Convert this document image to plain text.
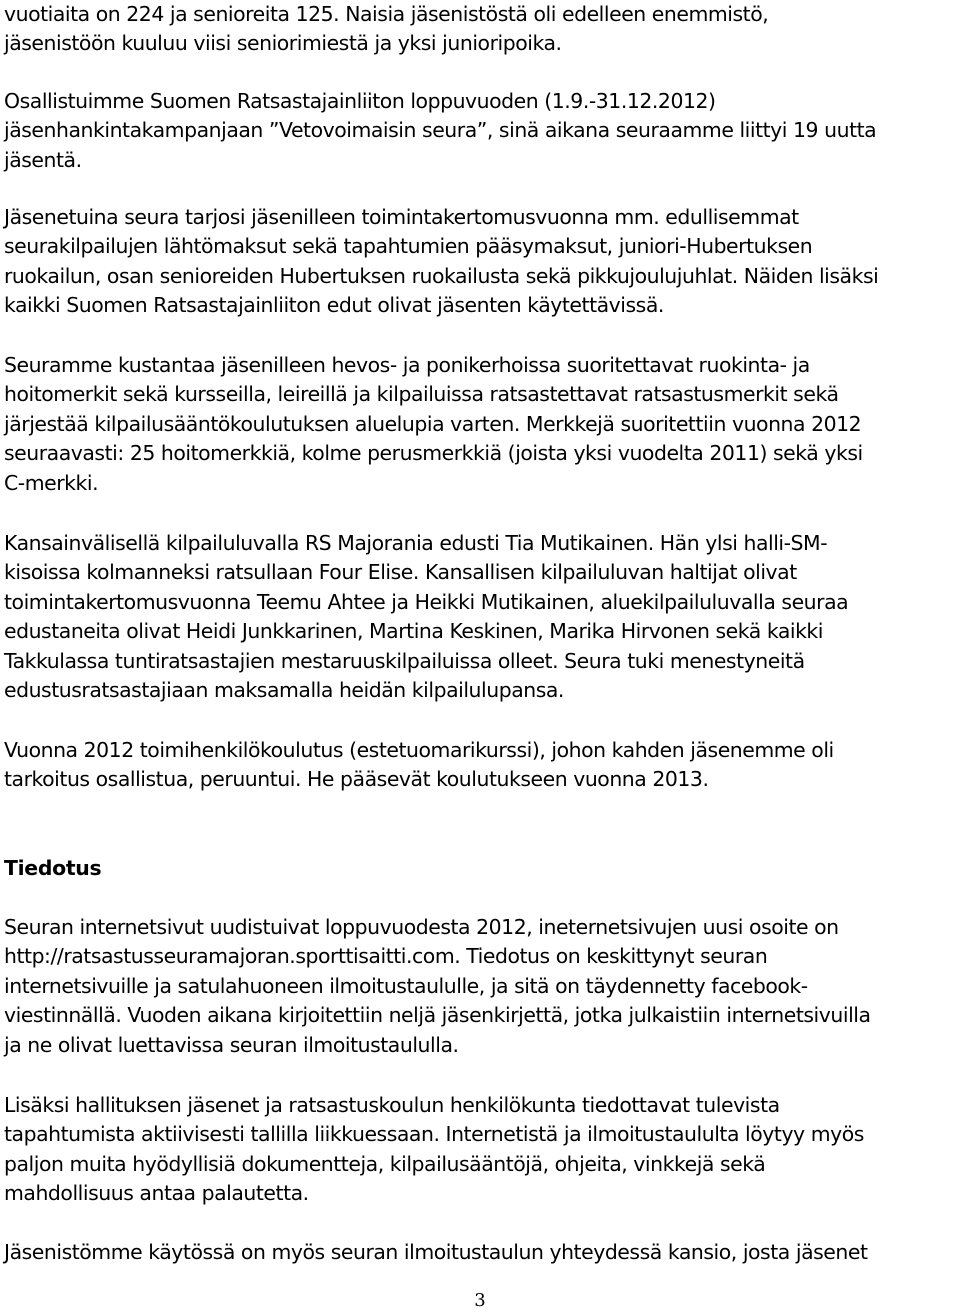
vuotiaita on 224 ja senioreita 125. Naisia jäsenistöstä oli edelleen enemmistö,
jäsenistöön kuuluu viisi seniorimiestä ja yksi junioripoika.

Osallistuimme Suomen Ratsastajainliiton loppuvuoden (1.9.-31.12.2012)
jäsenhankintakampanjaan ”Vetovoimaisin seura”, sinä aikana seuraamme liittyi 19 uutta
jäsentä.

Jäsenetuina seura tarjosi jäsenilleen toimintakertomusvuonna mm. edullisemmat
seurakilpailujen lähtömaksut sekä tapahtumien pääsymaksut, juniori-Hubertuksen
ruokailun, osan senioreiden Hubertuksen ruokailusta sekä pikkujoulujuhlat. Näiden lisäksi
kaikki Suomen Ratsastajainliiton edut olivat jäsenten käytettävissä.

Seuramme kustantaa jäsenilleen hevos- ja ponikerhoissa suoritettavat ruokinta- ja
hoitomerkit sekä kursseilla, leireillä ja kilpailuissa ratsastettavat ratsastusmerkit sekä
järjestää kilpailusääntökoulutuksen aluelupia varten. Merkkejä suoritettiin vuonna 2012
seuraavasti: 25 hoitomerkkiä, kolme perusmerkkiä (joista yksi vuodelta 2011) sekä yksi
C-merkki.

Kansainvälisellä kilpailuluvalla RS Majorania edusti Tia Mutikainen. Hän ylsi halli-SM-
kisoissa kolmanneksi ratsullaan Four Elise. Kansallisen kilpailuluvan haltijat olivat
toimintakertomusvuonna Teemu Ahtee ja Heikki Mutikainen, aluekilpailuluvalla seuraa
edustaneita olivat Heidi Junkkarinen, Martina Keskinen, Marika Hirvonen sekä kaikki
Takkulassa tuntiratsastajien mestaruuskilpailuissa olleet. Seura tuki menestyneitä
edustusratsastajiaan maksamalla heidän kilpailulupansa.

Vuonna 2012 toimihenkilökoulutus (estetuomarikurssi), johon kahden jäsenemme oli
tarkoitus osallistua, peruuntui. He pääsevät koulutukseen vuonna 2013.

Tiedotus

Seuran internetsivut uudistuivat loppuvuodesta 2012, ineternetsivujen uusi osoite on
http://ratsastusseuramajoran.sporttisaitti.com. Tiedotus on keskittynyt seuran
internetsivuille ja satulahuoneen ilmoitustaululle, ja sitä on täydennetty facebook-
viestinnällä. Vuoden aikana kirjoitettiin neljä jäsenkirjettä, jotka julkaistiin internetsivuilla
ja ne olivat luettavissa seuran ilmoitustaululla.

Lisäksi hallituksen jäsenet ja ratsastuskoulun henkilökunta tiedottavat tulevista
tapahtumista aktiivisesti tallilla liikkuessaan. Internetistä ja ilmoitustaululta löytyy myös
paljon muita hyödyllisiä dokumentteja, kilpailusääntöjä, ohjeita, vinkkejä sekä
mahdollisuus antaa palautetta.

Jäsenistömme käytössä on myös seuran ilmoitustaulun yhteydessä kansio, josta jäsenet

3
